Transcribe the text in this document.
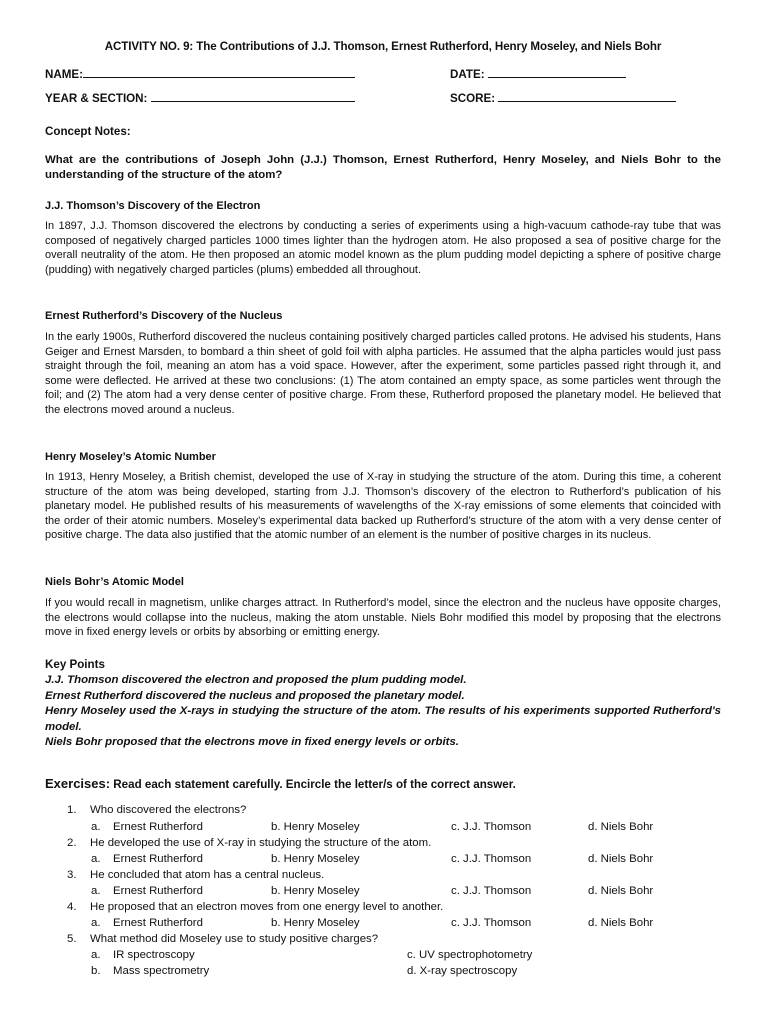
ACTIVITY NO. 9: The Contributions of J.J. Thomson, Ernest Rutherford, Henry Moseley, and Niels Bohr
NAME:	DATE:
YEAR & SECTION:	SCORE:
Concept Notes:
What are the contributions of Joseph John (J.J.) Thomson, Ernest Rutherford, Henry Moseley, and Niels Bohr to the understanding of the structure of the atom?
J.J. Thomson’s Discovery of the Electron
In 1897, J.J. Thomson discovered the electrons by conducting a series of experiments using a high-vacuum cathode-ray tube that was composed of negatively charged particles 1000 times lighter than the hydrogen atom. He also proposed a sea of positive charge for the overall neutrality of the atom. He then proposed an atomic model known as the plum pudding model depicting a sphere of positive charge (pudding) with negatively charged particles (plums) embedded all throughout.
Ernest Rutherford’s Discovery of the Nucleus
In the early 1900s, Rutherford discovered the nucleus containing positively charged particles called protons. He advised his students, Hans Geiger and Ernest Marsden, to bombard a thin sheet of gold foil with alpha particles. He assumed that the alpha particles would just pass straight through the foil, meaning an atom has a void space. However, after the experiment, some particles passed right through it, and some were deflected. He arrived at these two conclusions: (1) The atom contained an empty space, as some particles went through the foil; and (2) The atom had a very dense center of positive charge. From these, Rutherford proposed the planetary model. He believed that the electrons moved around a nucleus.
Henry Moseley’s Atomic Number
In 1913, Henry Moseley, a British chemist, developed the use of X-ray in studying the structure of the atom. During this time, a coherent structure of the atom was being developed, starting from J.J. Thomson’s discovery of the electron to Rutherford’s publication of his planetary model. He published results of his measurements of wavelengths of the X-ray emissions of some elements that coincided with the order of their atomic numbers. Moseley’s experimental data backed up Rutherford’s structure of the atom with a very dense center of positive charge. The data also justified that the atomic number of an element is the number of positive charges in its nucleus.
Niels Bohr’s Atomic Model
If you would recall in magnetism, unlike charges attract. In Rutherford’s model, since the electron and the nucleus have opposite charges, the electrons would collapse into the nucleus, making the atom unstable. Niels Bohr modified this model by proposing that the electrons move in fixed energy levels or orbits by absorbing or emitting energy.
Key Points
J.J. Thomson discovered the electron and proposed the plum pudding model.
Ernest Rutherford discovered the nucleus and proposed the planetary model.
Henry Moseley used the X-rays in studying the structure of the atom. The results of his experiments supported Rutherford's model.
Niels Bohr proposed that the electrons move in fixed energy levels or orbits.
Exercises: Read each statement carefully. Encircle the letter/s of the correct answer.
1. Who discovered the electrons?
a. Ernest Rutherford	b. Henry Moseley	c. J.J. Thomson	d. Niels Bohr
2. He developed the use of X-ray in studying the structure of the atom.
a. Ernest Rutherford	b. Henry Moseley	c. J.J. Thomson	d. Niels Bohr
3. He concluded that atom has a central nucleus.
a. Ernest Rutherford	b. Henry Moseley	c. J.J. Thomson	d. Niels Bohr
4. He proposed that an electron moves from one energy level to another.
a. Ernest Rutherford	b. Henry Moseley	c. J.J. Thomson	d. Niels Bohr
5. What method did Moseley use to study positive charges?
a. IR spectroscopy	c. UV spectrophotometry
b. Mass spectrometry	d. X-ray spectroscopy
